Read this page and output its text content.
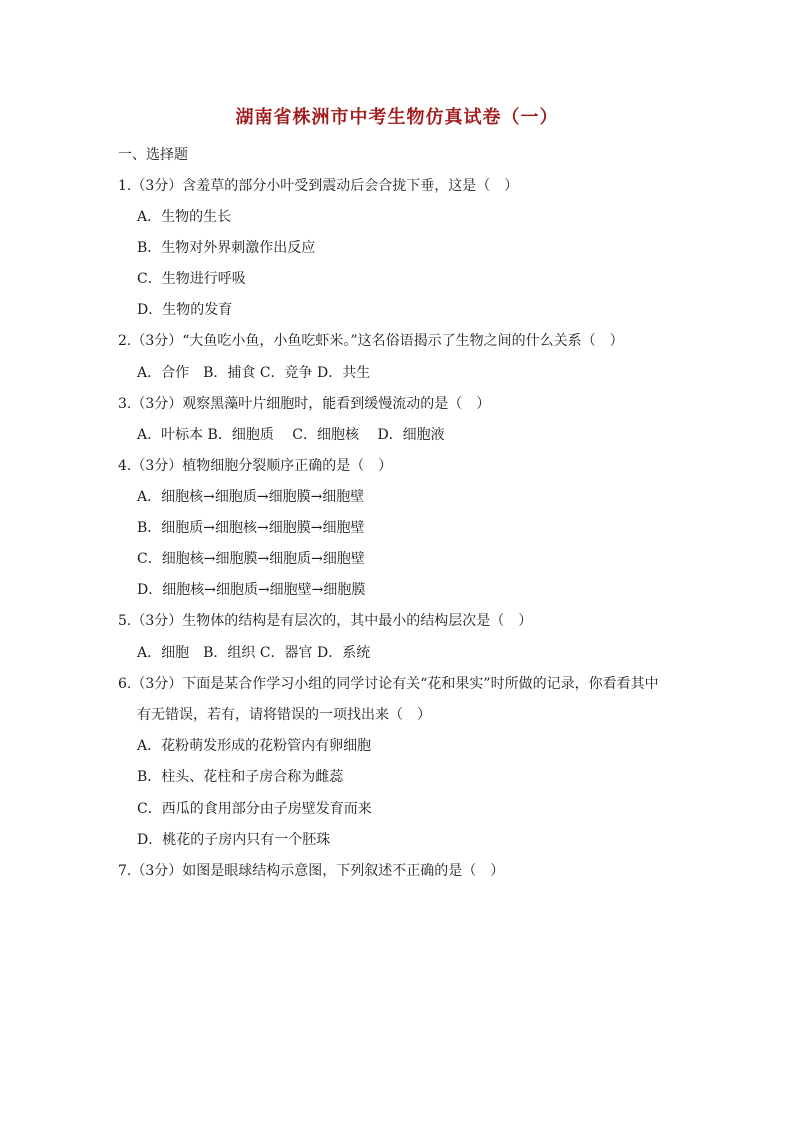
湖南省株洲市中考生物仿真试卷（一）
一、选择题
1.（3分）含羞草的部分小叶受到震动后会合拢下垂，这是（　）
A．生物的生长
B．生物对外界刺激作出反应
C．生物进行呼吸
D．生物的发育
2.（3分）“大鱼吃小鱼，小鱼吃虾米。”这名俗语揭示了生物之间的什么关系（　）
A．合作　B．捕食 C．竞争 D．共生
3.（3分）观察黑藻叶片细胞时，能看到缓慢流动的是（　）
A．叶标本 B．细胞质　 C．细胞核　 D．细胞液
4.（3分）植物细胞分裂顺序正确的是（　）
A．细胞核→细胞质→细胞膜→细胞壁
B．细胞质→细胞核→细胞膜→细胞壁
C．细胞核→细胞膜→细胞质→细胞壁
D．细胞核→细胞质→细胞壁→细胞膜
5.（3分）生物体的结构是有层次的，其中最小的结构层次是（　）
A．细胞　B．组织 C．器官 D．系统
6.（3分）下面是某合作学习小组的同学讨论有关“花和果实”时所做的记录，你看看其中
有无错误，若有，请将错误的一项找出来（　）
A．花粉萌发形成的花粉管内有卵细胞
B．柱头、花柱和子房合称为雌蕊
C．西瓜的食用部分由子房壁发育而来
D．桃花的子房内只有一个胚珠
7.（3分）如图是眼球结构示意图，下列叙述不正确的是（　）
